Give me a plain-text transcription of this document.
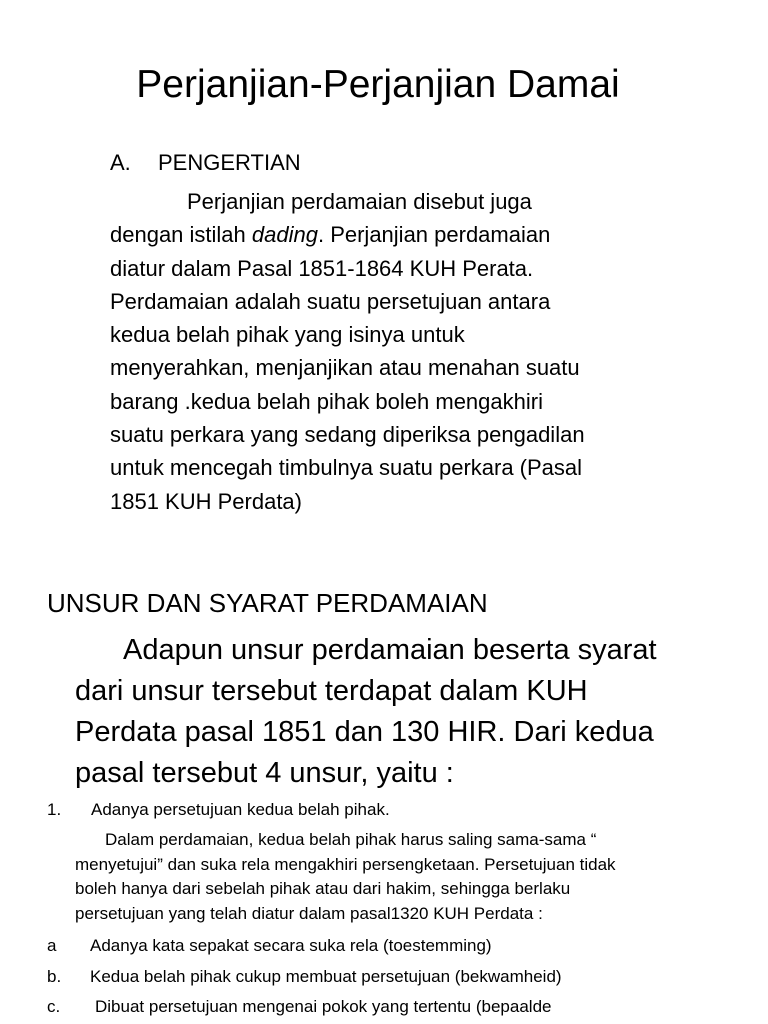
Perjanjian-Perjanjian Damai
A. PENGERTIAN
Perjanjian perdamaian disebut juga
dengan istilah dading. Perjanjian perdamaian
diatur dalam Pasal 1851-1864 KUH Perata.
Perdamaian adalah suatu persetujuan antara
kedua belah pihak yang isinya untuk
menyerahkan, menjanjikan atau menahan suatu
barang .kedua belah pihak boleh mengakhiri
suatu perkara yang sedang diperiksa pengadilan
untuk mencegah timbulnya suatu perkara (Pasal
1851 KUH Perdata)
UNSUR DAN SYARAT PERDAMAIAN
Adapun unsur perdamaian beserta syarat
dari unsur tersebut terdapat dalam KUH
Perdata pasal 1851 dan 130 HIR. Dari kedua
pasal tersebut 4 unsur, yaitu :
1. Adanya persetujuan kedua belah pihak.
Dalam perdamaian, kedua belah pihak harus saling sama-sama “
menyetujui” dan suka rela mengakhiri persengketaan. Persetujuan tidak
boleh hanya dari sebelah pihak atau dari hakim, sehingga berlaku
persetujuan yang telah diatur dalam pasal1320 KUH Perdata :
a Adanya kata sepakat secara suka rela (toestemming)
b. Kedua belah pihak cukup membuat persetujuan (bekwamheid)
c. Dibuat persetujuan mengenai pokok yang tertentu (bepaalde
